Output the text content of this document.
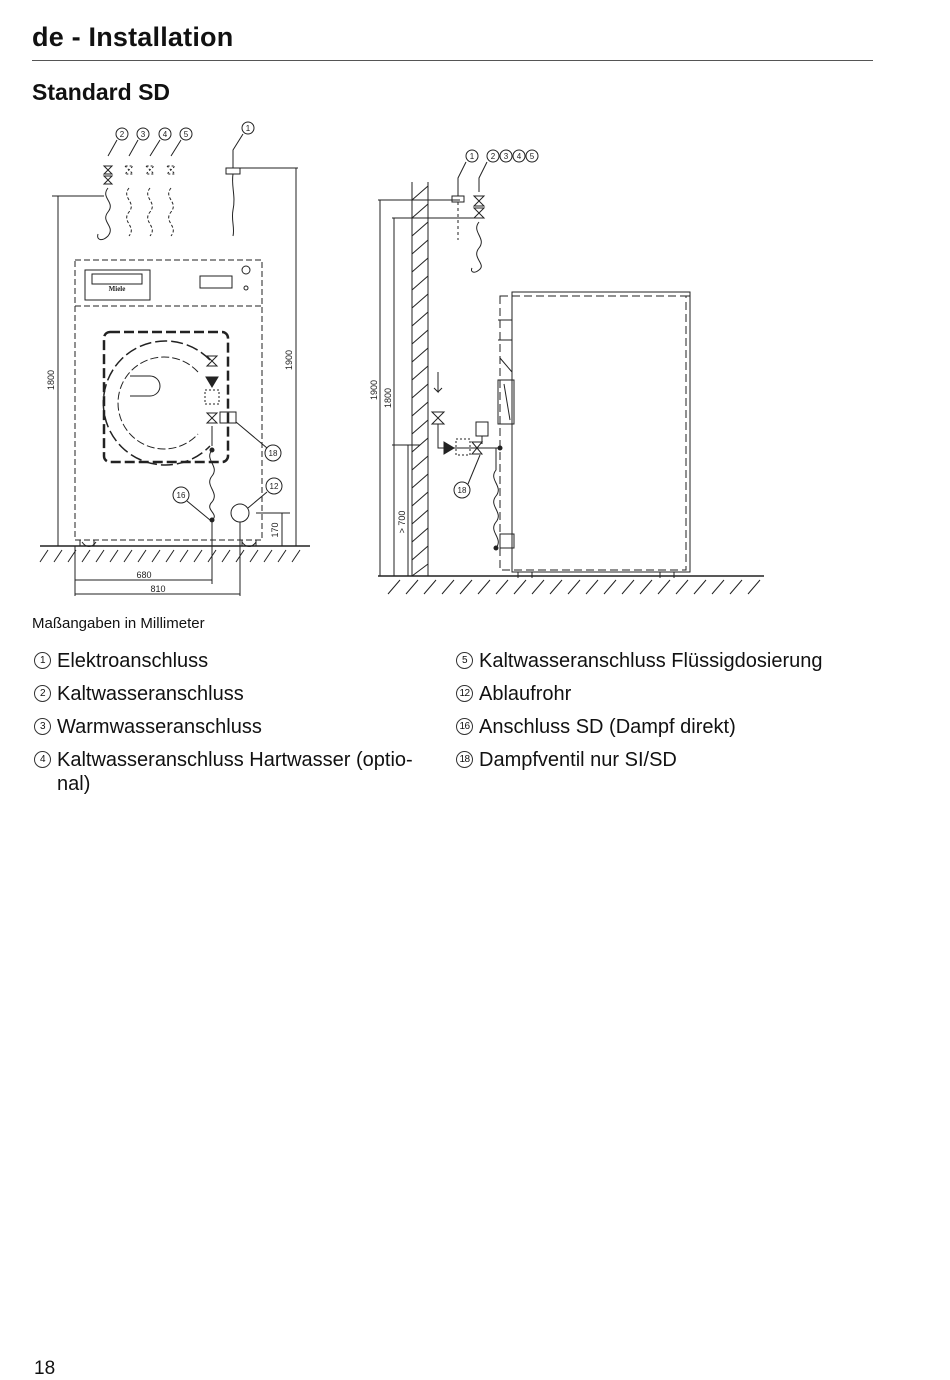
de - Installation
Standard SD
2 3 4 5
1
18
16
12
1 2 3 4 5
18
1800
1900
170
680
810
1900 1800
> 700
Miele
Maßangaben in Millimeter
1 Elektroanschluss
2 Kaltwasseranschluss
3 Warmwasseranschluss
4 Kaltwasseranschluss Hartwasser (optio-nal)
5 Kaltwasseranschluss Flüssigdosierung
12 Ablaufrohr
16 Anschluss SD (Dampf direkt)
18 Dampfventil nur SI/SD
18
